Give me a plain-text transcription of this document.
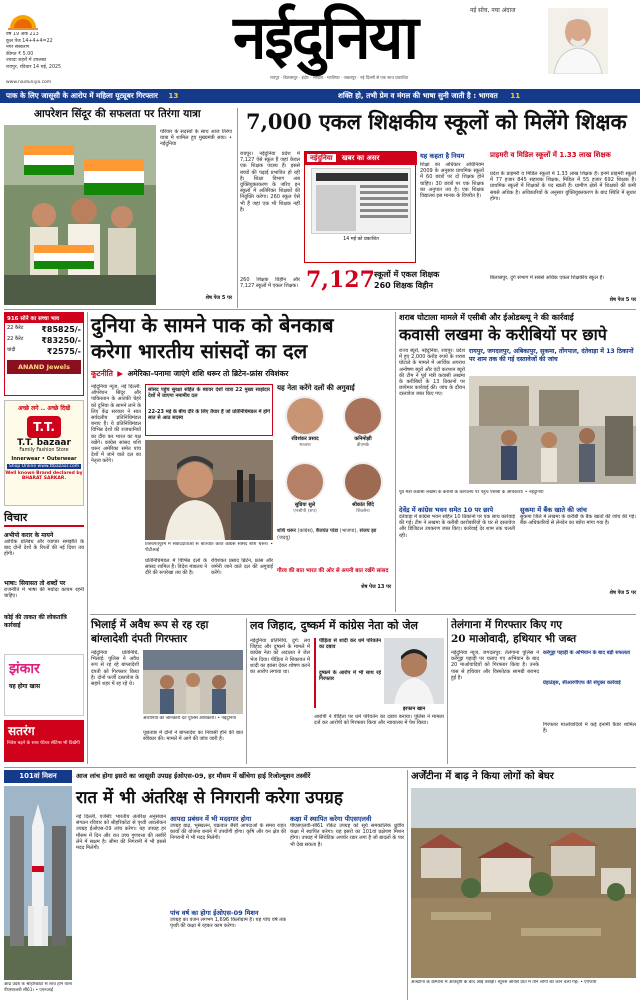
वर्ष 19 अंक 213
कुल पेज 14+4+4=22
नगर संस्करण
कीमत ₹ 5.00
ज्यादा शहरों में उपलब्ध
रायपुर, रविवार 14 मई, 2025	नईदुनिया	नई सोच, नया अंदाज
रायपुर · बिलासपुर · इंदौर · भोपाल · ग्वालियर · जबलपुर · नई दिल्ली से एक साथ प्रकाशित
www.naiduniya.com
पाक के लिए जासूसी के आरोप में महिला यूट्यूबर गिरफ्तार 13	शक्ति हो, तभी प्रेम व मंगल की भाषा सुनी जाती है : भागवत 11
आपरेशन सिंदूर की सफलता पर तिरंगा यात्रा
परिवार के सदस्यों के साथ आज तिरंगा यात्रा में शामिल हुए मुख्यमंत्री साय। • नईदुनिया
शेष पेज 5 पर
7,000 एकल शिक्षकीय स्कूलों को मिलेंगे शिक्षक
रायपुर। नईदुनिया प्रदेश में 7,127 ऐसे स्कूल हैं जहां केवल एक शिक्षक पदस्थ हैं। इससे बच्चों की पढ़ाई प्रभावित हो रही है। शिक्षा विभाग अब युक्तियुक्तकरण के जरिए इन स्कूलों में अतिरिक्त शिक्षकों की नियुक्ति करेगा। 260 स्कूल ऐसे भी हैं जहां एक भी शिक्षक नहीं है।
नईदुनिया खबर का असर
14 मई को प्रकाशित
7,127 स्कूलों में एकल शिक्षक
260 शिक्षक विहीन
यह कहता है नियम
शिक्षा का अधिकार अधिनियम 2009 के अनुसार प्राथमिक स्कूलों में 60 छात्रों पर दो शिक्षक होने चाहिए। 30 छात्रों पर एक शिक्षक का अनुपात तय है। एक शिक्षक विद्यालय इस मानक के विपरीत है।
प्राइमरी व मिडिल स्कूलों में 1.33 लाख शिक्षक
प्रदेश के प्राइमरी व मिडिल स्कूलों में 1.33 लाख शिक्षक हैं। इनमें प्राइमरी स्कूलों में 77 हजार 845 सहायक शिक्षक, मिडिल में 55 हजार 692 शिक्षक हैं। प्राथमिक स्कूलों में शिक्षकों के पद खाली हैं। ग्रामीण क्षेत्रों में शिक्षकों की कमी सबसे अधिक है। अधिकारियों के अनुसार युक्तियुक्तकरण के बाद स्थिति में सुधार होगा।
260 शिक्षक विहीन और 7,127 स्कूलों में एकल शिक्षक।
बिलासपुर, दुर्ग संभाग में सबसे अधिक एकल शिक्षकीय स्कूल हैं।
शेष पेज 5 पर
916 सोने का सच्चा भाव
22 कैरेट ₹85825/-
22 कैरेट ₹83250/-
चांदी	₹2575/-
ANAND Jewels
अच्छे लगे .. अच्छे दिखें
T.T.
T.T. bazaar
Family Fashion Store
Innerwear • Outerwear
Shop Online www.ttbazaar.com
Well known Brand declared by BHARAT SARKAR.
विचार
अभीपो करार के मायने
आर्थिक प्रतिबंध और व्यापार समझौते के बाद दोनों देशों के रिश्तों की नई दिशा तय होगी।
भाषा: सियासत तो शब्दों पर
राजनीति में भाषा की मर्यादा कायम रहनी चाहिए।
कोई की ताकत की लोकतांत्रि कार्रवाई
झंकार
यह होगा खास
सतरंग
निवेश बढ़ने के साथ फीचर सेटिंग्स भी दिखेंगी
दुनिया के सामने पाक को बेनकाब
करेगा भारतीय सांसदों का दल
कूटनीति ▶ अमेरिका–पनामा जाएंगे शशि थरूर तो ब्रिटेन–फ्रांस रविशंकर
नईदुनिया न्यूज, नई दिल्ली: ऑपरेशन सिंदूर और पाकिस्तान के आतंकी चेहरे को दुनिया के सामने लाने के लिए केंद्र सरकार ने सात सर्वदलीय प्रतिनिधिमंडल बनाए हैं। ये प्रतिनिधिमंडल विभिन्न देशों की राजधानियों का दौरा कर भारत का पक्ष रखेंगे। कांग्रेस सांसद शशि थरूर अमेरिका समेत पांच देशों में जाने वाले दल का नेतृत्व करेंगे।
सांसद पहुंच सुरक्षा सहित के ब्यावर देशों यात्रा 22 मुख्य साझेदार देशों में जाएगा नमामीय दल
22-23 मई के बीच दौरे के लिए तैयार हैं जो प्रतिनिधिमंडल में होंगे सात से आठ सदस्य
तिरुवनंतपुरम में संवाददाताओं से बातचीत करते कांग्रेस सांसद शशि थरूर। • पीटीआई
प्रतिनिधिमंडल में विभिन्न दलों के सांसद शामिल हैं। विदेश मंत्रालय ने दौरे की रूपरेखा तय की है।
रविशंकर प्रसाद ब्रिटेन, फ्रांस और जर्मनी जाने वाले दल की अगुवाई करेंगे।
यह नेता करेंगे दलों की अगुवाई
रविशंकर प्रसाद
भाजपा
कनिमोझी
डीएमके
सुप्रिया सुले
एनसीपी (शप)
श्रीकांत शिंदे
शिवसेना
शशि थरूर (कांग्रेस), बैजयंत पांडा (भाजपा), संजय झा (जदयू)
गौरव की बात भारत की ओर से अपनी बात रखेंगे सांसद
शेष पेज 13 पर
शराब घोटाला मामले में एसीबी और ईओडब्ल्यू ने की कार्रवाई
कवासी लखमा के करीबियों पर छापे
राज्य ब्यूरो, नईदुनिया, रायपुर: प्रदेश में हुए 2,000 करोड़ रुपये के शराब घोटाले के मामले में आर्थिक अपराध अन्वेषण ब्यूरो और एंटी करप्शन ब्यूरो की टीम ने पूर्व मंत्री कवासी लखमा के करीबियों के 13 ठिकानों पर छापेमार कार्रवाई की। जांच के दौरान दस्तावेज जब्त किए गए।
रायपुर, जगदलपुर, अबिकापुर, सुकमा, तोंगपाल, दंतेवाड़ा में 13 ठिकानों पर शाम तक की गई दस्तावेजों की जांच
पूर्व मंत्री कवासी लखमा के करीबी के कार्यालय पर पहुंचे एसीबी के अधिकारी। • नईदुनिया
देवेंद्र में कांग्रेस भवन समेत 10 पर छापे
दंतेवाड़ा में कांग्रेस भवन सहित 10 ठिकानों पर एक साथ कार्रवाई की गई। टीम ने लखमा के करीबी कारोबारियों के घर से दस्तावेज और डिजिटल उपकरण जब्त किए। कार्रवाई देर शाम तक चलती रही।
सुकमा में बैंक खाते की जांच
सुकमा जिले में लखमा के करीबी के बैंक खातों की जांच की गई। बैंक अधिकारियों से लेनदेन का ब्योरा मांगा गया है।
शेष पेज 5 पर
भिलाई में अवैध रूप से रह रहा
बांग्लादेशी दंपती गिरफ्तार
नईदुनिया प्रतिनिधि, भिलाई: पुलिस ने अवैध रूप से रह रहे बांग्लादेशी दंपती को गिरफ्तार किया है। दोनों फर्जी दस्तावेज के सहारे शहर में रह रहे थे।
आरोपियों की जानकारी देते पुलिस अधिकारी। • नईदुनिया
पूछताछ में दोनों ने बांग्लादेश का निवासी होने की बात स्वीकार की। मामले में आगे की जांच जारी है।
लव जिहाद, दुष्कर्म में कांग्रेस नेता को जेल
नईदुनिया प्रतिनिधि, दुर्ग: लव जिहाद और दुष्कर्म के मामले में कांग्रेस नेता को अदालत ने जेल भेज दिया। पीड़िता ने शिकायत में शादी का झांसा देकर शोषण करने का आरोप लगाया था।
पीड़िता से शादी कर धर्म परिवर्तन का दबाव
दुष्कर्म के आरोप में भी साथ रहे गिरफ्तार
इरफान खान
आरोपी ने पीड़िता पर धर्म परिवर्तन का दबाव बनाया। पुलिस ने मामला दर्ज कर आरोपी को गिरफ्तार किया और न्यायालय में पेश किया।
तेलंगाना में गिरफ्तार किए गए
20 माओवादी, हथियार भी जब्त
नईदुनिया न्यूज, जगदलपुर: तेलंगाना पुलिस ने कर्रेगुट्टा पहाड़ी पर चलाए गए अभियान के बाद 20 माओवादियों को गिरफ्तार किया है। उनके पास से हथियार और विस्फोटक सामग्री बरामद हुई है।
कर्रेगुट्टा पहाड़ी के अभियान के बाद बड़ी सफलता
ग्रेहाउंड्स, सीआरपीएफ की संयुक्त कार्रवाई
गिरफ्तार माओवादियों में कई इनामी कैडर शामिल हैं।
101वां मिशन	आज लांच होगा इसरो का जासूसी उपग्रह ईओएस-09, हर मौसम में खींचेगा हाई रिजोल्यूशन तस्वीरें
आंध्र प्रदेश के श्रीहरिकोटा से लांच होने वाला पीएसएलवी सी61। • एएनआई
रात में भी अंतरिक्ष से निगरानी करेगा उपग्रह
नई दिल्ली, एजेंसी: भारतीय अंतरिक्ष अनुसंधान संगठन रविवार को श्रीहरिकोटा से पृथ्वी अवलोकन उपग्रह ईओएस-09 लांच करेगा। यह उपग्रह हर मौसम में दिन और रात उच्च गुणवत्ता की तस्वीरें लेने में सक्षम है। सीमा की निगरानी में भी इससे मदद मिलेगी।
आपदा प्रबंधन में भी मददगार होगा
उपग्रह बाढ़, भूस्खलन, चक्रवात जैसी आपदाओं के समय राहत कार्यों की योजना बनाने में उपयोगी होगा। कृषि और वन क्षेत्र की निगरानी में भी मदद मिलेगी।
पांच वर्ष का होगा ईओएस-09 मिशन
उपग्रह का वजन लगभग 1,696 किलोग्राम है। यह पांच वर्ष तक पृथ्वी की कक्षा में रहकर काम करेगा।
कक्षा में स्थापित करेगा पीएसएलवी
पीएसएलवी-सी61 रॉकेट उपग्रह को सूर्य समकालिक ध्रुवीय कक्षा में स्थापित करेगा। यह इसरो का 101वां प्रक्षेपण मिशन होगा। उपग्रह में सिंथेटिक अपर्चर रडार लगा है जो बादलों के पार भी देख सकता है।
अर्जेंटीना में बाढ़ ने किया लोगों को बेघर
अर्जेंटीना के कैम्पाना में अतिवृष्टि के बाद आई तबाही। ब्यूनस आयर्स प्रांत में तीन लोगों की जान चली गई। • एएफपी
